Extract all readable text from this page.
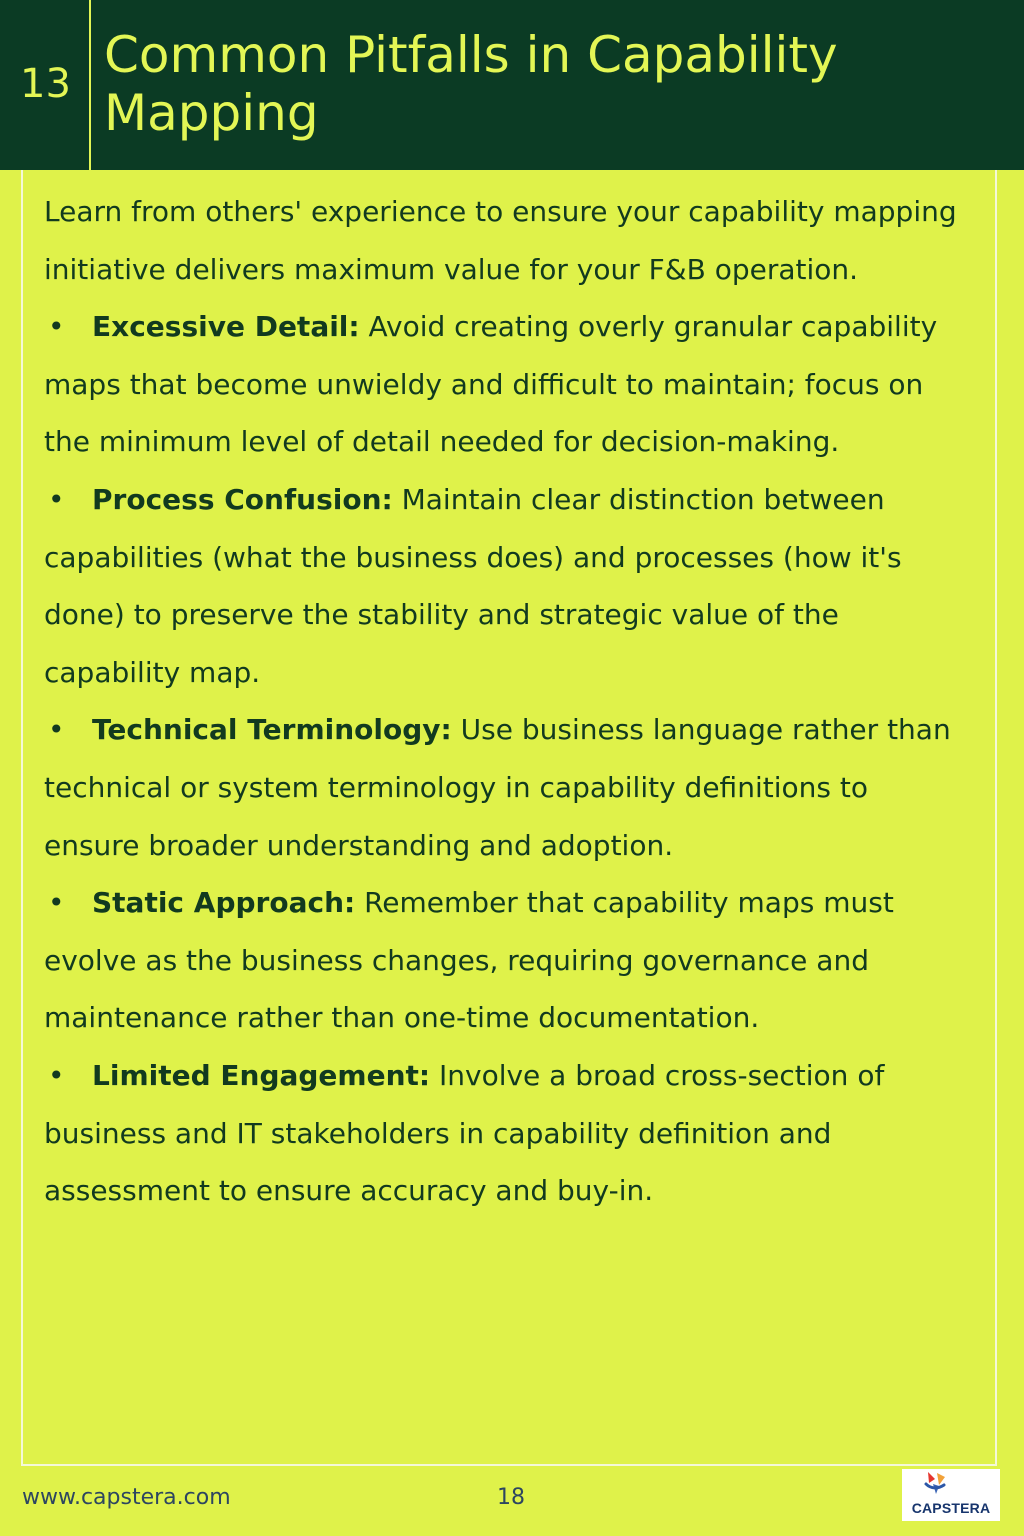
13 Common Pitfalls in Capability Mapping

Learn from others' experience to ensure your capability mapping initiative delivers maximum value for your F&B operation.

• Excessive Detail: Avoid creating overly granular capability maps that become unwieldy and difficult to maintain; focus on the minimum level of detail needed for decision-making.
• Process Confusion: Maintain clear distinction between capabilities (what the business does) and processes (how it's done) to preserve the stability and strategic value of the capability map.
• Technical Terminology: Use business language rather than technical or system terminology in capability definitions to ensure broader understanding and adoption.
• Static Approach: Remember that capability maps must evolve as the business changes, requiring governance and maintenance rather than one-time documentation.
• Limited Engagement: Involve a broad cross-section of business and IT stakeholders in capability definition and assessment to ensure accuracy and buy-in.
www.capstera.com	18	CAPSTERA
